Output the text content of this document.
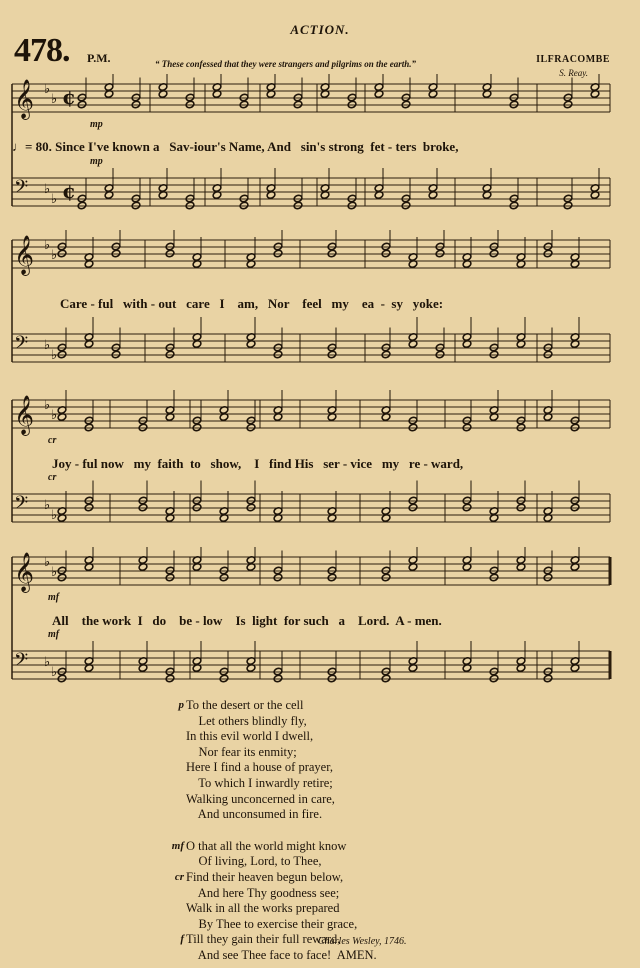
ACTION.
478. P.M.	“ These confessed that they were strangers and pilgrims on the earth.”	ILFRACOMBE
S. Reay.
𝄞 ♭
♭ ¢
𝄢 ♭
♭ ¢
𝄞 ♭
♭
𝄢 ♭
♭
𝄞 ♭
♭
𝄢 ♭
♭
𝄞 ♭
♭
𝄢 ♭
♭
p To the desert or the cell
Let others blindly fly,
In this evil world I dwell,
Nor fear its enmity;
Here I find a house of prayer,
To which I inwardly retire;
Walking unconcerned in care,
And unconsumed in fire.
mf O that all the world might know
Of living, Lord, to Thee,
cr Find their heaven begun below,
And here Thy goodness see;
Walk in all the works prepared
By Thee to exercise their grace,
f Till they gain their full reward,
And see Thee face to face!  AMEN.
Charles Wesley, 1746.
mp
mp
♩= 80. Since I've known a   Sav-iour's Name, And   sin's strong  fet - ters  broke,
Care - ful   with - out   care   I    am,   Nor    feel   my    ea  -  sy   yoke:
cr
cr
Joy - ful now   my  faith  to   show,    I   find His   ser - vice   my   re - ward,
mf
mf
All    the work  I   do    be - low    Is  light  for such   a    Lord.  A - men.
